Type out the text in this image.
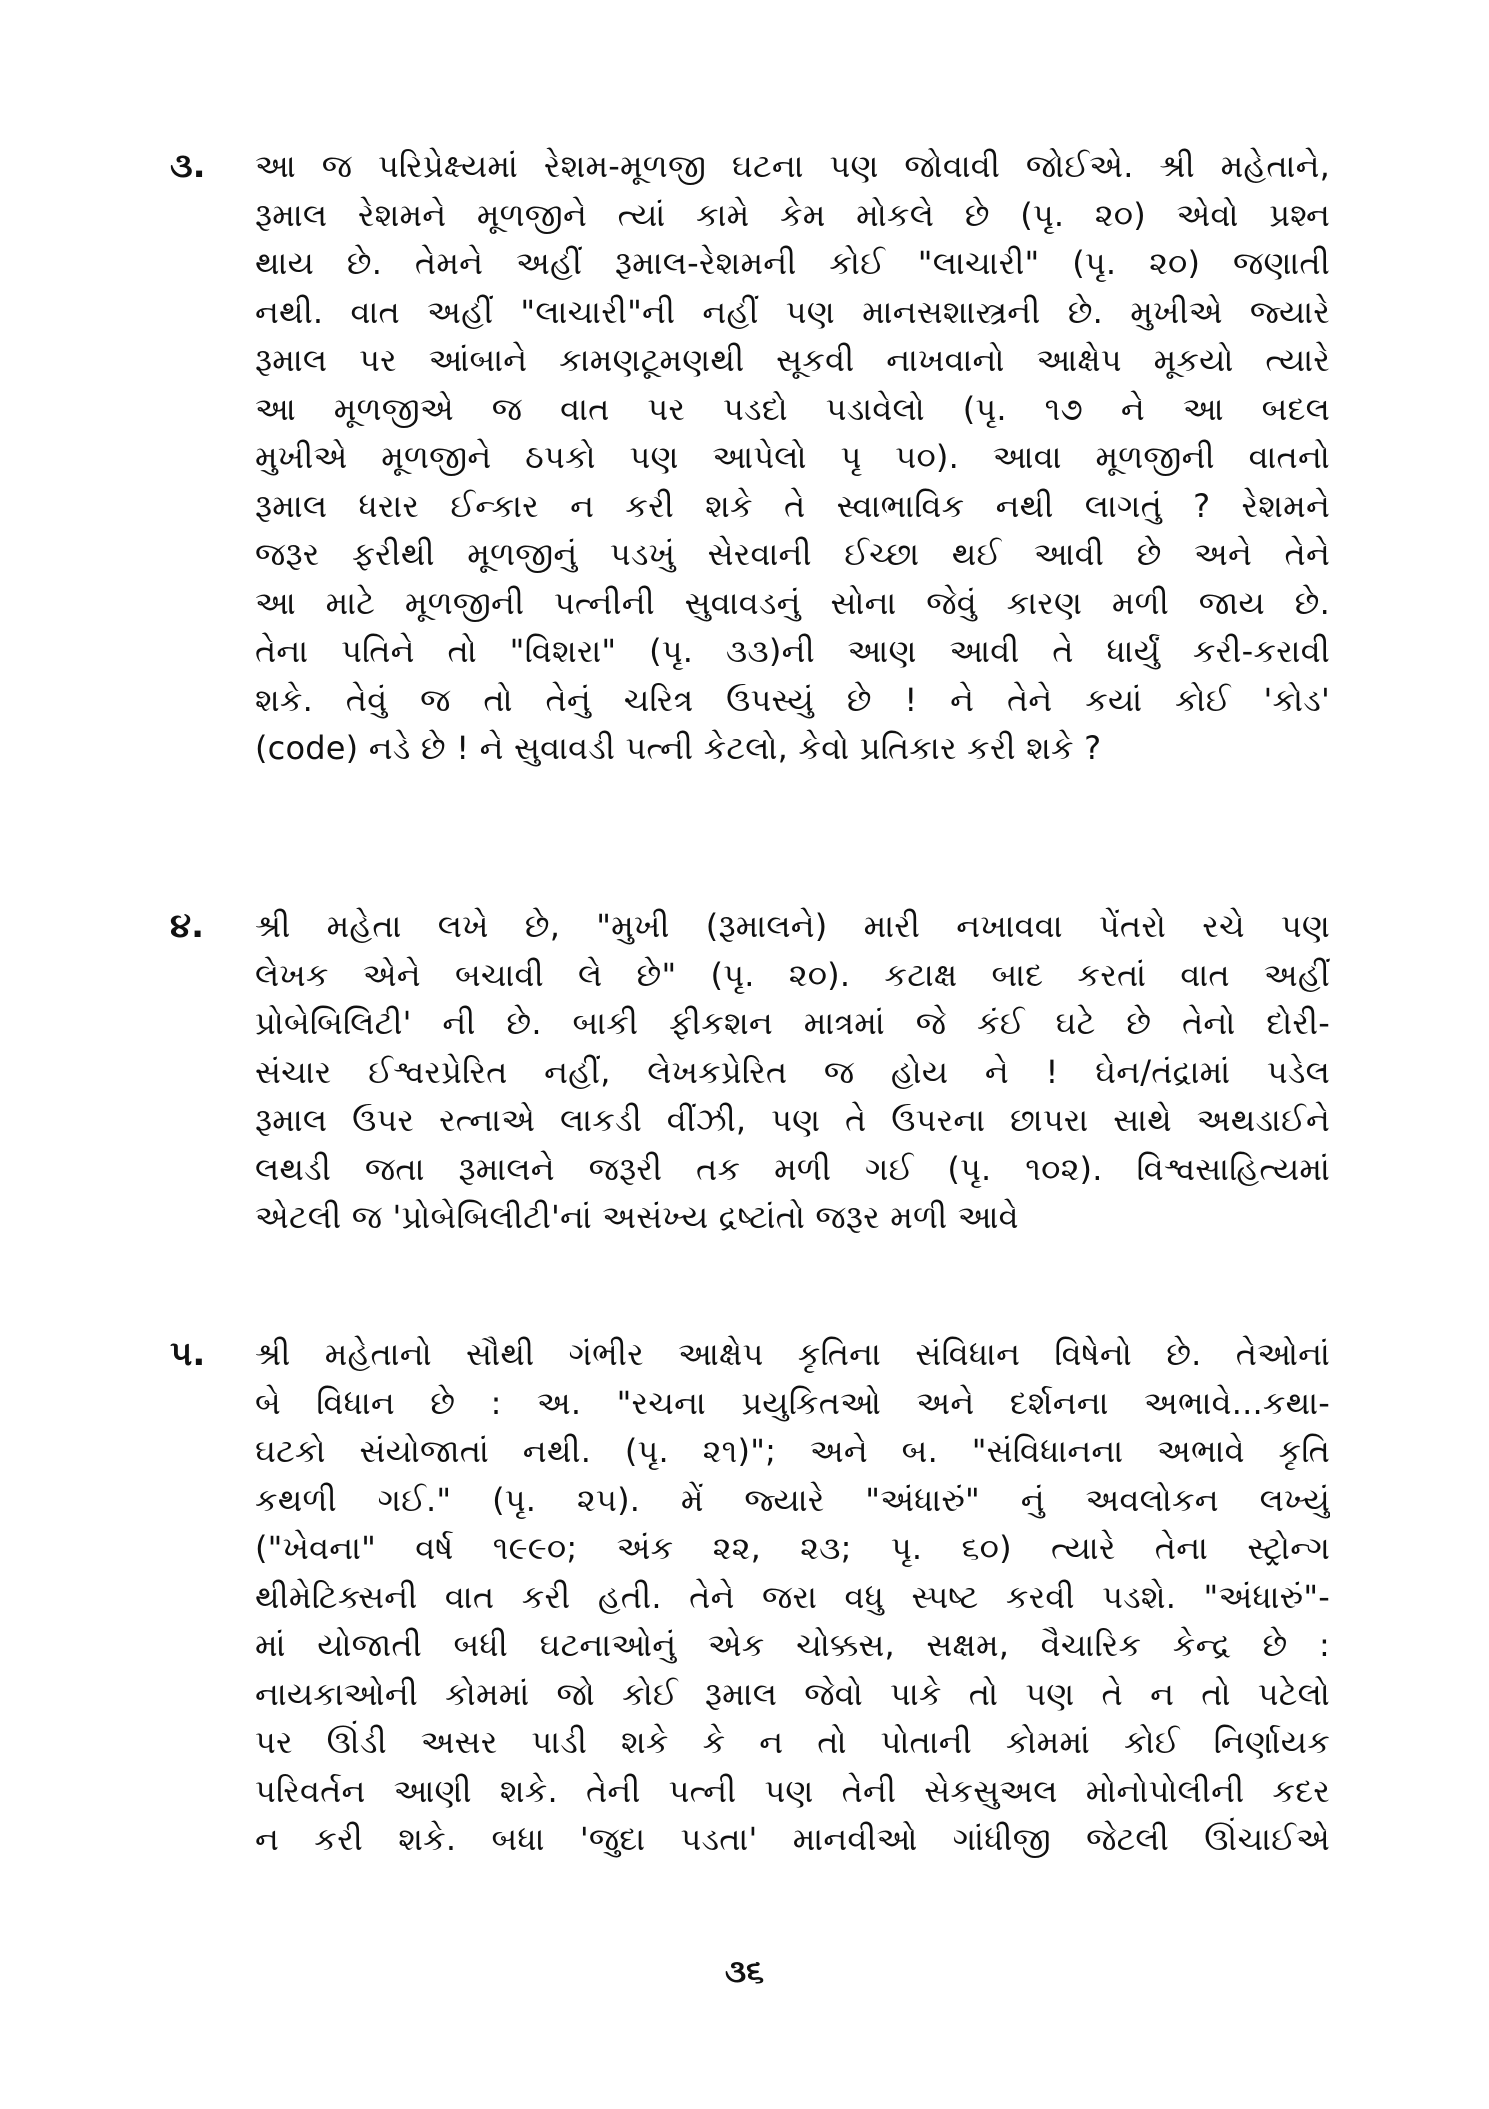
૩. આ જ પરિપ્રેક્ષ્યમાં રેશમ-મૂળજી ઘટના પણ જોવાવી જોઈએ. શ્રી મહેતાને,
રૂમાલ રેશમને મૂળજીને ત્યાં કામે કેમ મોકલે છે (પૃ. ૨૦) એવો પ્રશ્ન
થાય છે. તેમને અહીં રૂમાલ-રેશમની કોઈ "લાચારી" (પૃ. ૨૦) જણાતી
નથી. વાત અહીં "લાચારી"ની નહીં પણ માનસશાસ્ત્રની છે. મુખીએ જ્યારે
રૂમાલ પર આંબાને કામણટૂમણથી સૂકવી નાખવાનો આક્ષેપ મૂકયો ત્યારે
આ મૂળજીએ જ વાત પર પડદો પડાવેલો (પૃ. ૧૭ ને આ બદલ
મુખીએ મૂળજીને ઠપકો પણ આપેલો પૃ ૫૦). આવા મૂળજીની વાતનો
રૂમાલ ધરાર ઈન્કાર ન કરી શકે તે સ્વાભાવિક નથી લાગતું ? રેશમને
જરૂર ફરીથી મૂળજીનું પડખું સેરવાની ઈચ્છા થઈ આવી છે અને તેને
આ માટે મૂળજીની પત્નીની સુવાવડનું સોના જેવું કારણ મળી જાય છે.
તેના પતિને તો "વિશરા" (પૃ. ૩૩)ની આણ આવી તે ધાર્યું કરી-કરાવી
શકે. તેવું જ તો તેનું ચરિત્ર ઉપસ્યું છે ! ને તેને કયાં કોઈ 'કોડ'
(code) નડે છે ! ને સુવાવડી પત્ની કેટલો, કેવો પ્રતિકાર કરી શકે ?
૪. શ્રી મહેતા લખે છે, "મુખી (રૂમાલને) મારી નખાવવા પેંતરો રચે પણ
લેખક એને બચાવી લે છે" (પૃ. ૨૦). કટાક્ષ બાદ કરતાં વાત અહીં
પ્રોબેબિલિટી' ની છે. બાકી ફીકશન માત્રમાં જે કંઈ ઘટે છે તેનો દોરી-
સંચાર ઈશ્વરપ્રેરિત નહીં, લેખકપ્રેરિત જ હોય ને ! ઘેન/તંદ્રામાં પડેલ
રૂમાલ ઉપર રત્નાએ લાકડી વીંઝી, પણ તે ઉપરના છાપરા સાથે અથડાઈને
લથડી જતા રૂમાલને જરૂરી તક મળી ગઈ (પૃ. ૧૦૨). વિશ્વસાહિત્યમાં
એટલી જ 'પ્રોબેબિલીટી'નાં અસંખ્ય દ્રષ્ટાંતો જરૂર મળી આવે
૫. શ્રી મહેતાનો સૌથી ગંભીર આક્ષેપ કૃતિના સંવિધાન વિષેનો છે. તેઓનાં
બે વિધાન છે : અ. "રચના પ્રયુકિતઓ અને દર્શનના અભાવે...કથા-
ઘટકો સંયોજાતાં નથી. (પૃ. ૨૧)"; અને બ. "સંવિધાનના અભાવે કૃતિ
કથળી ગઈ." (પૃ. ૨૫). મેં જ્યારે "અંધારું" નું અવલોકન લખ્યું
("ખેવના" વર્ષ ૧૯૯૦; અંક ૨૨, ૨૩; પૃ. ૬૦) ત્યારે તેના સ્ટ્રોન્ગ
થીમેટિક્સની વાત કરી હતી. તેને જરા વધુ સ્પષ્ટ કરવી પડશે. "અંધારું"-
માં યોજાતી બધી ઘટનાઓનું એક ચોક્કસ, સક્ષમ, વૈચારિક કેન્દ્ર છે :
નાયકાઓની કોમમાં જો કોઈ રૂમાલ જેવો પાકે તો પણ તે ન તો પટેલો
પર ઊંડી અસર પાડી શકે કે ન તો પોતાની કોમમાં કોઈ નિર્ણાયક
પરિવર્તન આણી શકે. તેની પત્ની પણ તેની સેકસુઅલ મોનોપોલીની કદર
ન કરી શકે. બધા 'જુદા પડતા' માનવીઓ ગાંધીજી જેટલી ઊંચાઈએ
૩૬
